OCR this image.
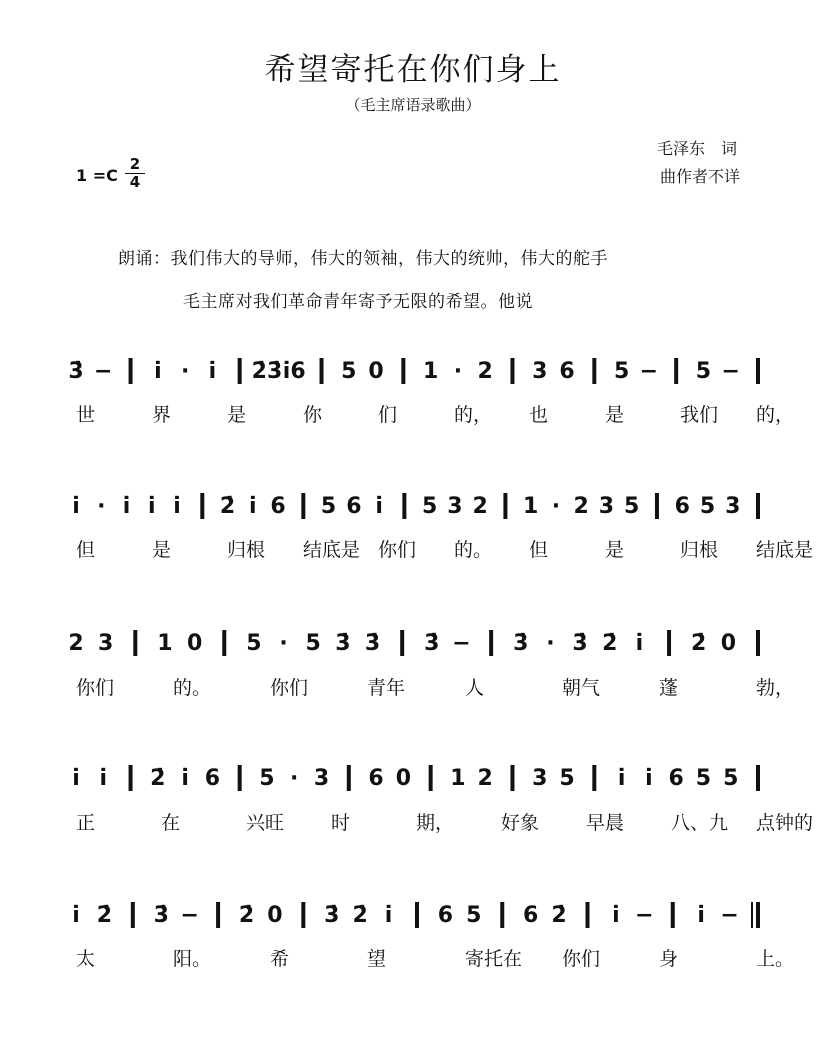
希望寄托在你们身上
（毛主席语录歌曲）
毛泽东　词
曲作者不详
1 =C
2
4
朗诵：我们伟大的导师，伟大的领袖，伟大的统帅，伟大的舵手
毛主席对我们革命青年寄予无限的希望。他说
3̇ − i̇ · i̇ 2̇3̇ i̇6 5 0 1 · 2 3 6 5 − 5 −
i̇ · i̇ i̇ i̇ 2̇ i̇ 6 5 6 i̇ 5 3 2 1 · 2 3 5 6 5 3
2 3 1 0 5 · 5 3̇ 3̇ 3̇ − 3̇ · 3̇ 2̇ i̇ 2̇ 0
i̇ i̇ 2̇ i̇ 6 5 · 3 6 0 1 2 3 5 i̇ i̇ 6 5 5
i̇ 2̇ 3̇ − 2̇ 0 3̇ 2̇ i̇ 6 5 6 2̇ i̇ − i̇ −
世	界	是	你	们	的， 也	是	我们 的，
但	是	归根 结底是 你们 的。 但	是	归根 结底是
你们	的。	你们	青年	人	朝气	蓬	勃，
正	在	兴旺 时	期， 好象 早晨 八、九 点钟的
太	阳。	希	望	寄托在 你们	身	上。
